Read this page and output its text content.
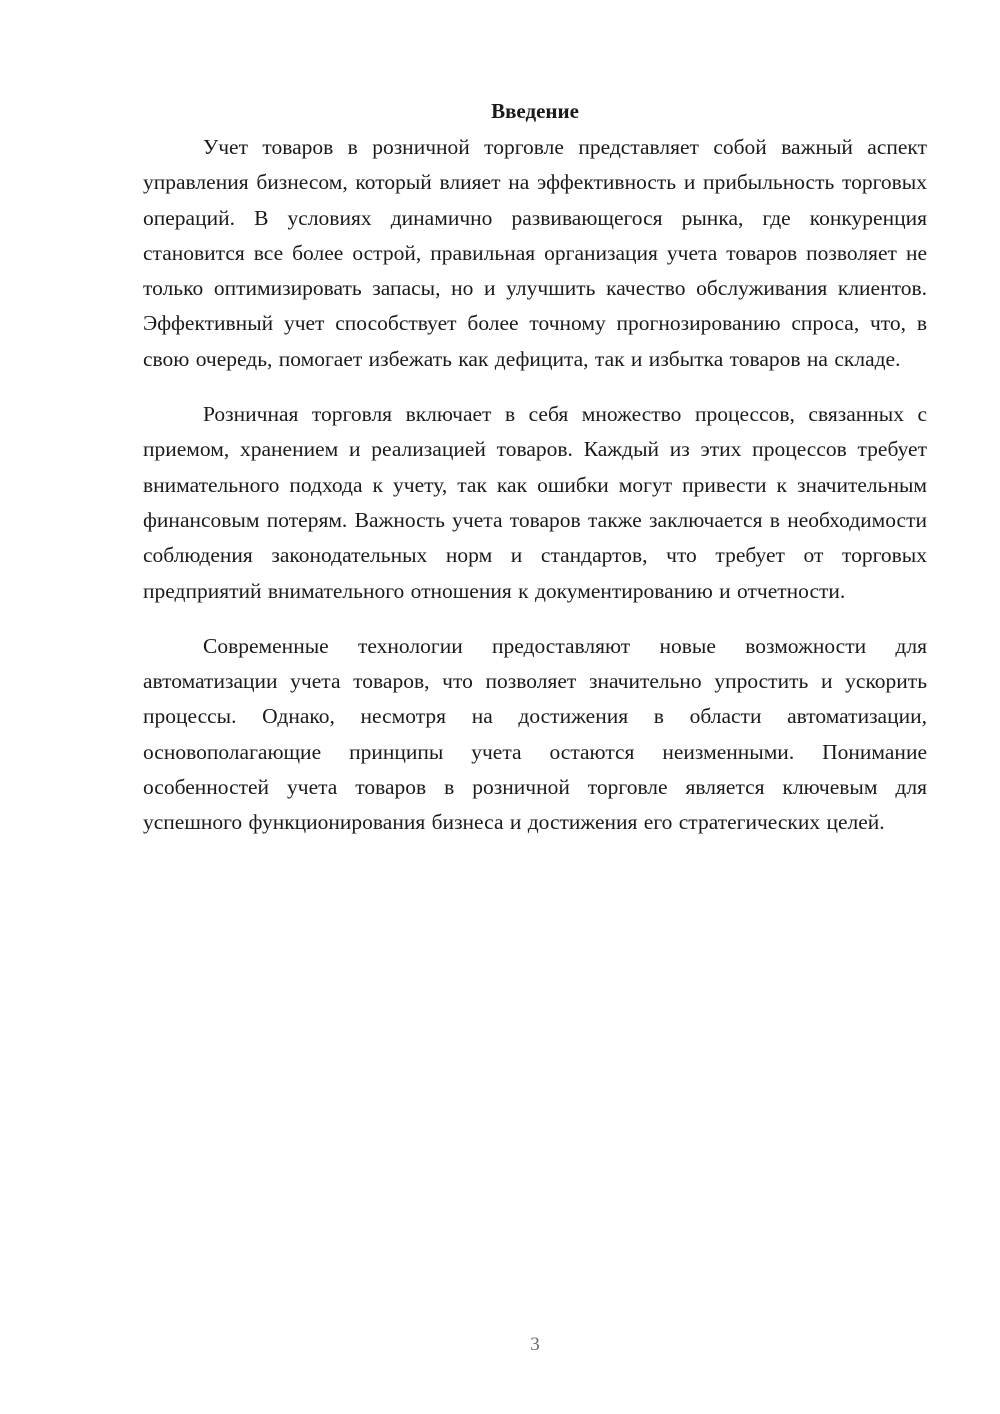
Введение

Учет товаров в розничной торговле представляет собой важный аспект управления бизнесом, который влияет на эффективность и прибыльность торговых операций. В условиях динамично развивающегося рынка, где конкуренция становится все более острой, правильная организация учета товаров позволяет не только оптимизировать запасы, но и улучшить качество обслуживания клиентов. Эффективный учет способствует более точному прогнозированию спроса, что, в свою очередь, помогает избежать как дефицита, так и избытка товаров на складе.

Розничная торговля включает в себя множество процессов, связанных с приемом, хранением и реализацией товаров. Каждый из этих процессов требует внимательного подхода к учету, так как ошибки могут привести к значительным финансовым потерям. Важность учета товаров также заключается в необходимости соблюдения законодательных норм и стандартов, что требует от торговых предприятий внимательного отношения к документированию и отчетности.

Современные технологии предоставляют новые возможности для автоматизации учета товаров, что позволяет значительно упростить и ускорить процессы. Однако, несмотря на достижения в области автоматизации, основополагающие принципы учета остаются неизменными. Понимание особенностей учета товаров в розничной торговле является ключевым для успешного функционирования бизнеса и достижения его стратегических целей.

3
